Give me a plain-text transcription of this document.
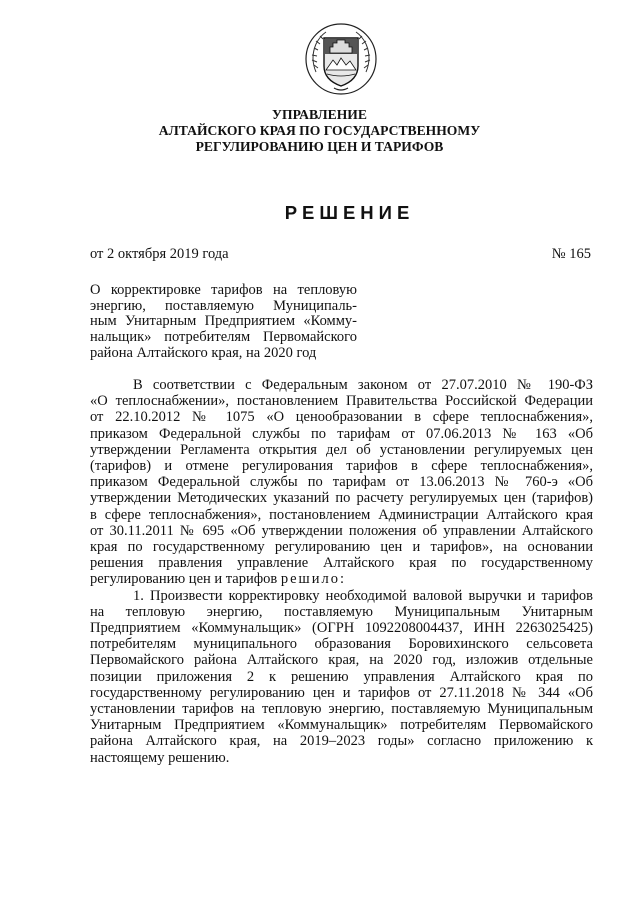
УПРАВЛЕНИЕ
АЛТАЙСКОГО КРАЯ ПО ГОСУДАРСТВЕННОМУ
РЕГУЛИРОВАНИЮ ЦЕН И ТАРИФОВ
РЕШЕНИЕ
от 2 октября 2019 года	№ 165
О корректировке тарифов на тепловую
энергию, поставляемую Муниципаль-
ным Унитарным Предприятием «Комму-
нальщик» потребителям Первомайского
района Алтайского края, на 2020 год
В соответствии с Федеральным законом от 27.07.2010 № 190-ФЗ
«О теплоснабжении», постановлением Правительства Российской Федерации
от 22.10.2012 № 1075 «О ценообразовании в сфере теплоснабжения»,
приказом Федеральной службы по тарифам от 07.06.2013 № 163 «Об
утверждении Регламента открытия дел об установлении регулируемых цен
(тарифов) и отмене регулирования тарифов в сфере теплоснабжения»,
приказом Федеральной службы по тарифам от 13.06.2013 № 760-э «Об
утверждении Методических указаний по расчету регулируемых цен (тарифов)
в сфере теплоснабжения», постановлением Администрации Алтайского края
от 30.11.2011 № 695 «Об утверждении положения об управлении Алтайского
края по государственному регулированию цен и тарифов», на основании
решения правления управление Алтайского края по государственному
регулированию цен и тарифов решило:
1. Произвести корректировку необходимой валовой выручки и тарифов
на тепловую энергию, поставляемую Муниципальным Унитарным
Предприятием «Коммунальщик» (ОГРН 1092208004437, ИНН 2263025425)
потребителям муниципального образования Боровихинского сельсовета
Первомайского района Алтайского края, на 2020 год, изложив отдельные
позиции приложения 2 к решению управления Алтайского края по
государственному регулированию цен и тарифов от 27.11.2018 № 344 «Об
установлении тарифов на тепловую энергию, поставляемую Муниципальным
Унитарным Предприятием «Коммунальщик» потребителям Первомайского
района Алтайского края, на 2019–2023 годы» согласно приложению к
настоящему решению.
